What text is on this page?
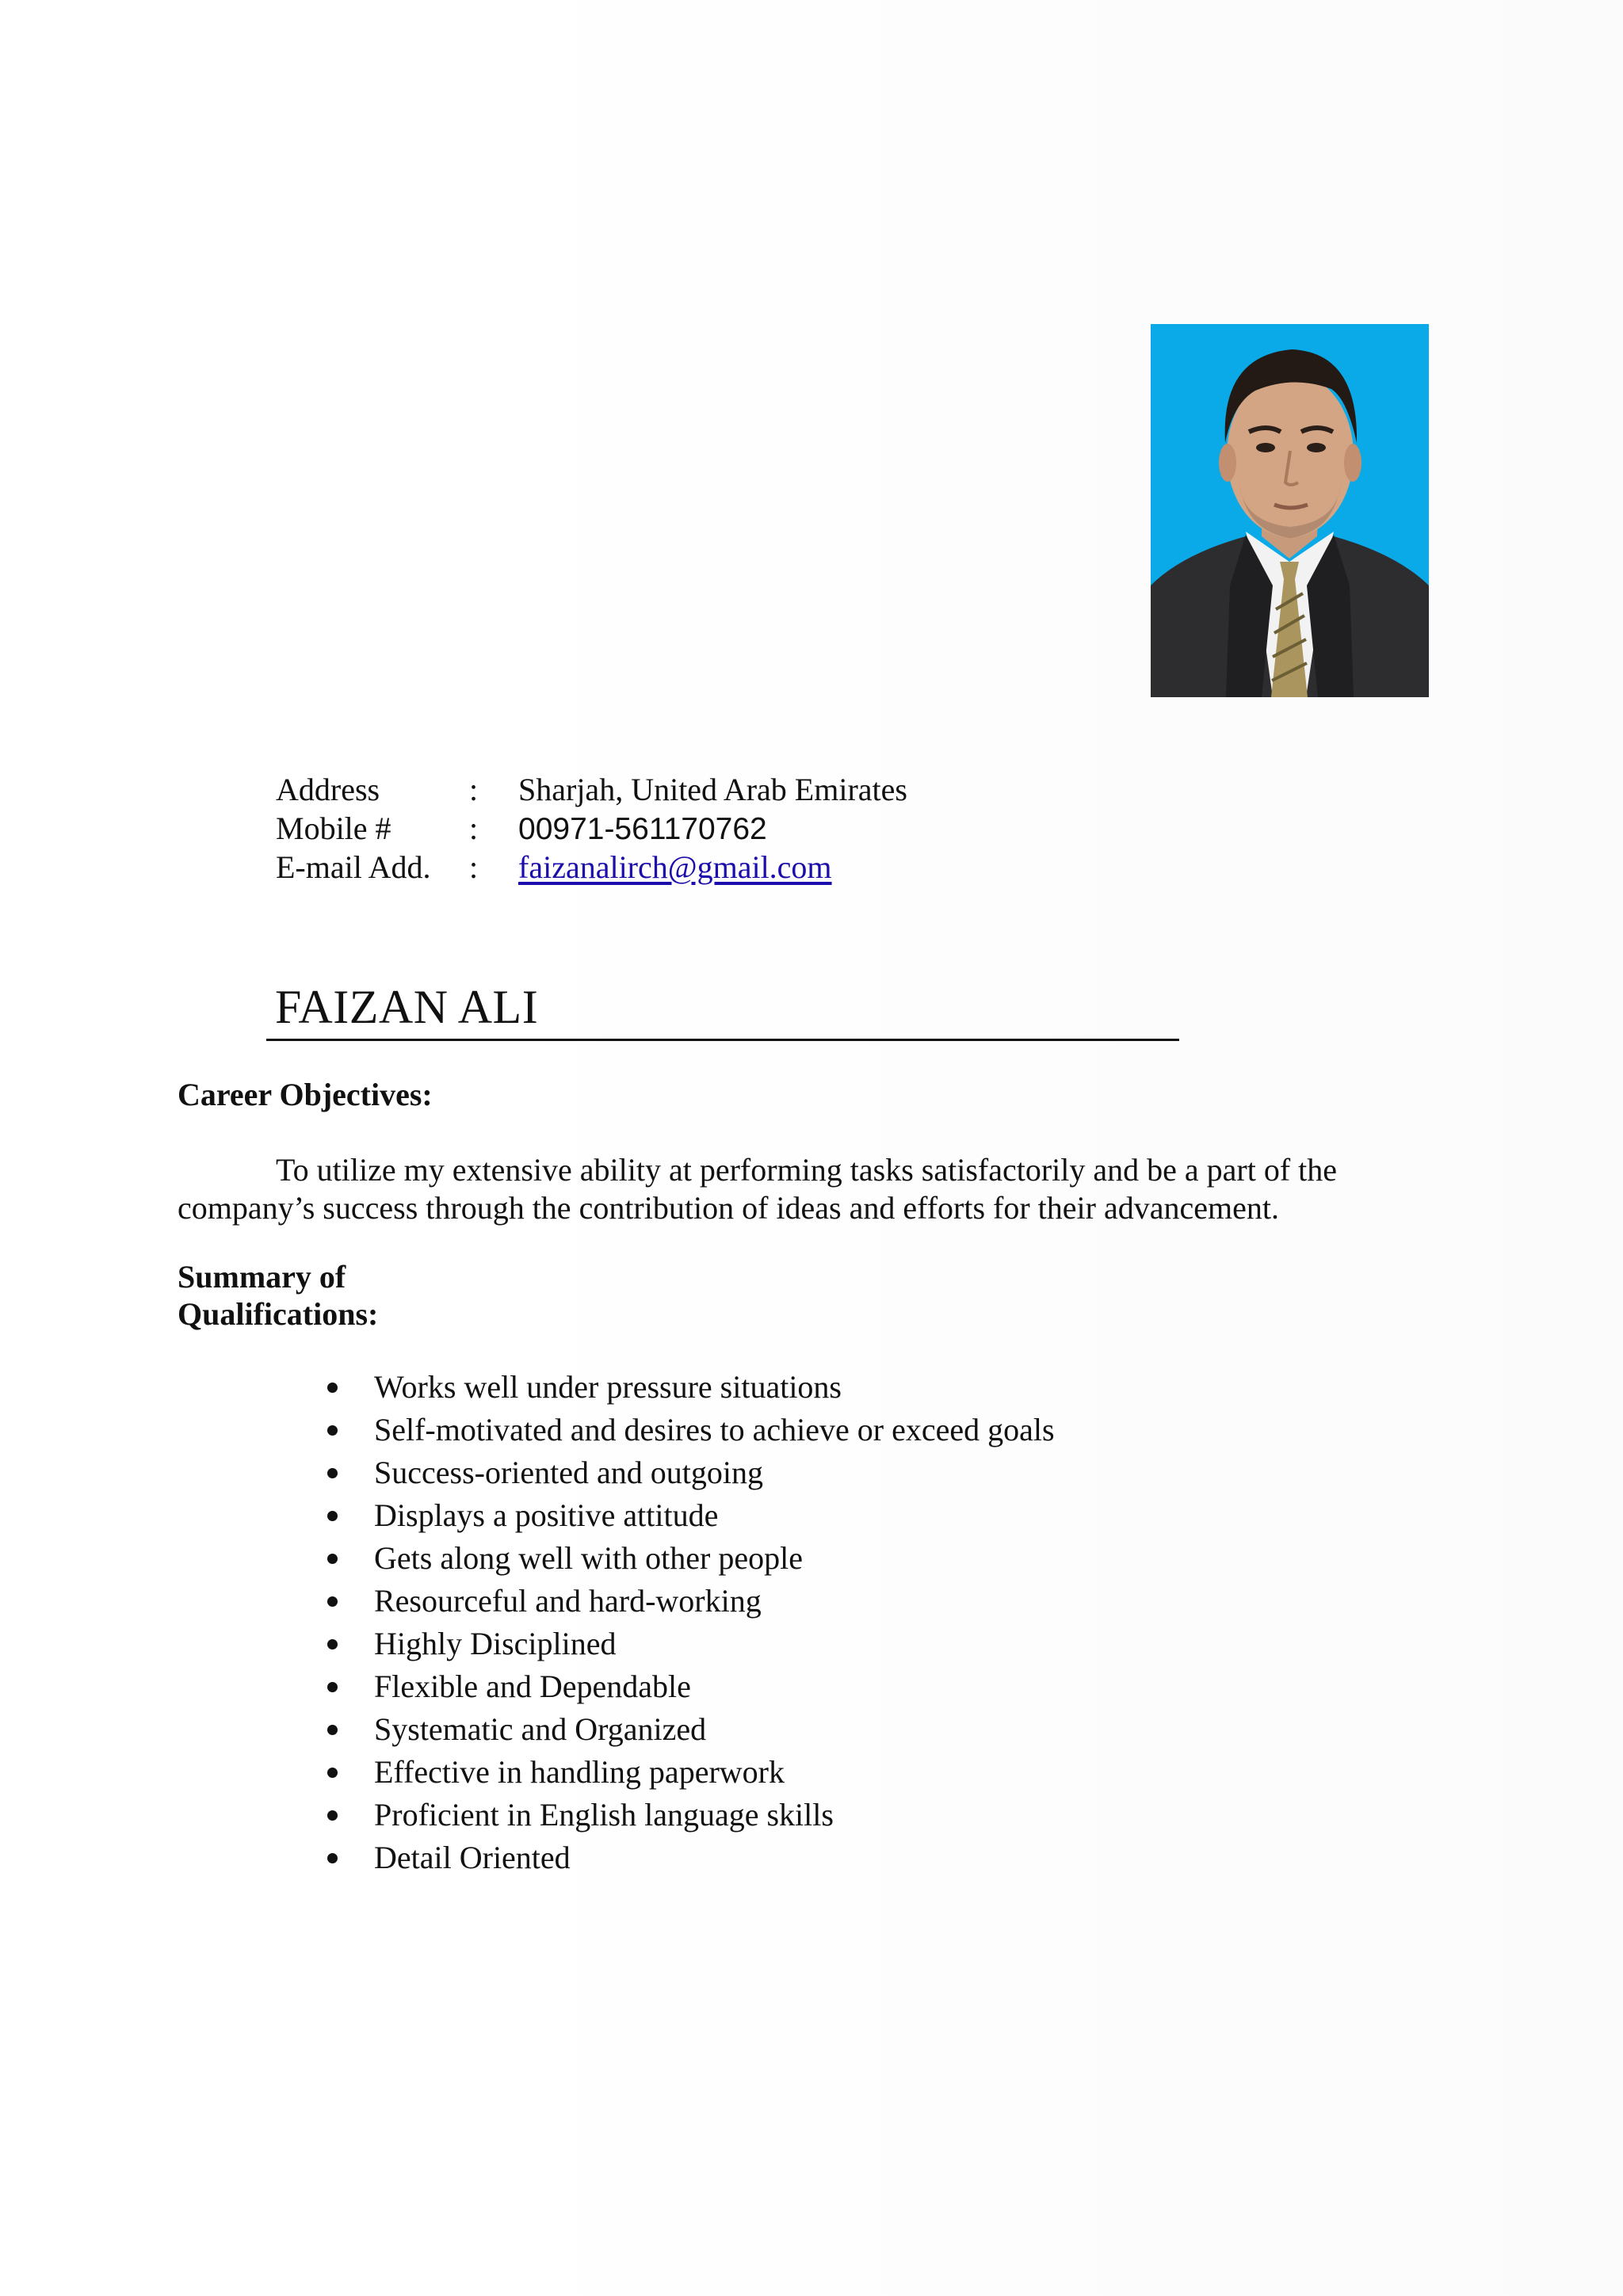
Address	:	Sharjah, United Arab Emirates
Mobile #	:	00971-561170762
E-mail Add.	:	faizanalirch@gmail.com
FAIZAN ALI
Career Objectives:
To utilize my extensive ability at performing tasks satisfactorily and be a part of the
company’s success through the contribution of ideas and efforts for their advancement.
Summary of
Qualifications:
Works well under pressure situations
Self-motivated and desires to achieve or exceed goals
Success-oriented and outgoing
Displays a positive attitude
Gets along well with other people
Resourceful and hard-working
Highly Disciplined
Flexible and Dependable
Systematic and Organized
Effective in handling paperwork
Proficient in English language skills
Detail Oriented
